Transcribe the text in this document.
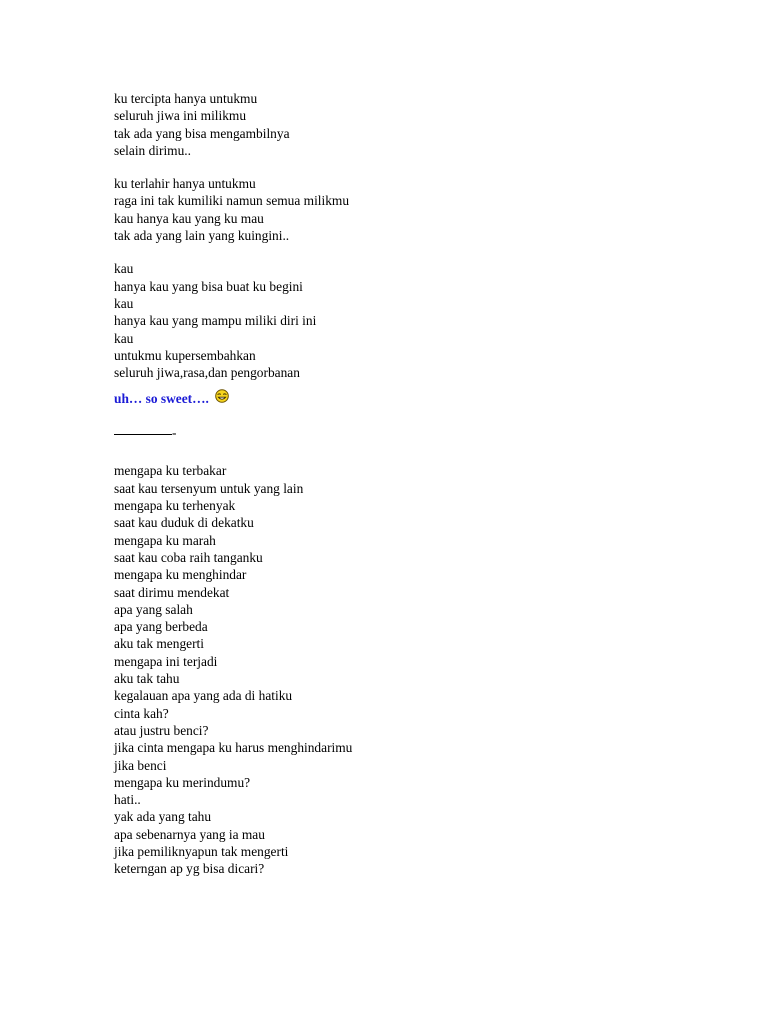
ku tercipta hanya untukmu
seluruh jiwa ini milikmu
tak ada yang bisa mengambilnya
selain dirimu..
ku terlahir hanya untukmu
raga ini tak kumiliki namun semua milikmu
kau hanya kau yang ku mau
tak ada yang lain yang kuingini..
kau
hanya kau yang bisa buat ku begini
kau
hanya kau yang mampu miliki diri ini
kau
untukmu kupersembahkan
seluruh jiwa,rasa,dan pengorbanan
uh… so sweet….
-
mengapa ku terbakar
saat kau tersenyum untuk yang lain
mengapa ku terhenyak
saat kau duduk di dekatku
mengapa ku marah
saat kau coba raih tanganku
mengapa ku menghindar
saat dirimu mendekat
apa yang salah
apa yang berbeda
aku tak mengerti
mengapa ini terjadi
aku tak tahu
kegalauan apa yang ada di hatiku
cinta kah?
atau justru benci?
jika cinta mengapa ku harus menghindarimu
jika benci
mengapa ku merindumu?
hati..
yak ada yang tahu
apa sebenarnya yang ia mau
jika pemiliknyapun tak mengerti
keterngan ap yg bisa dicari?
